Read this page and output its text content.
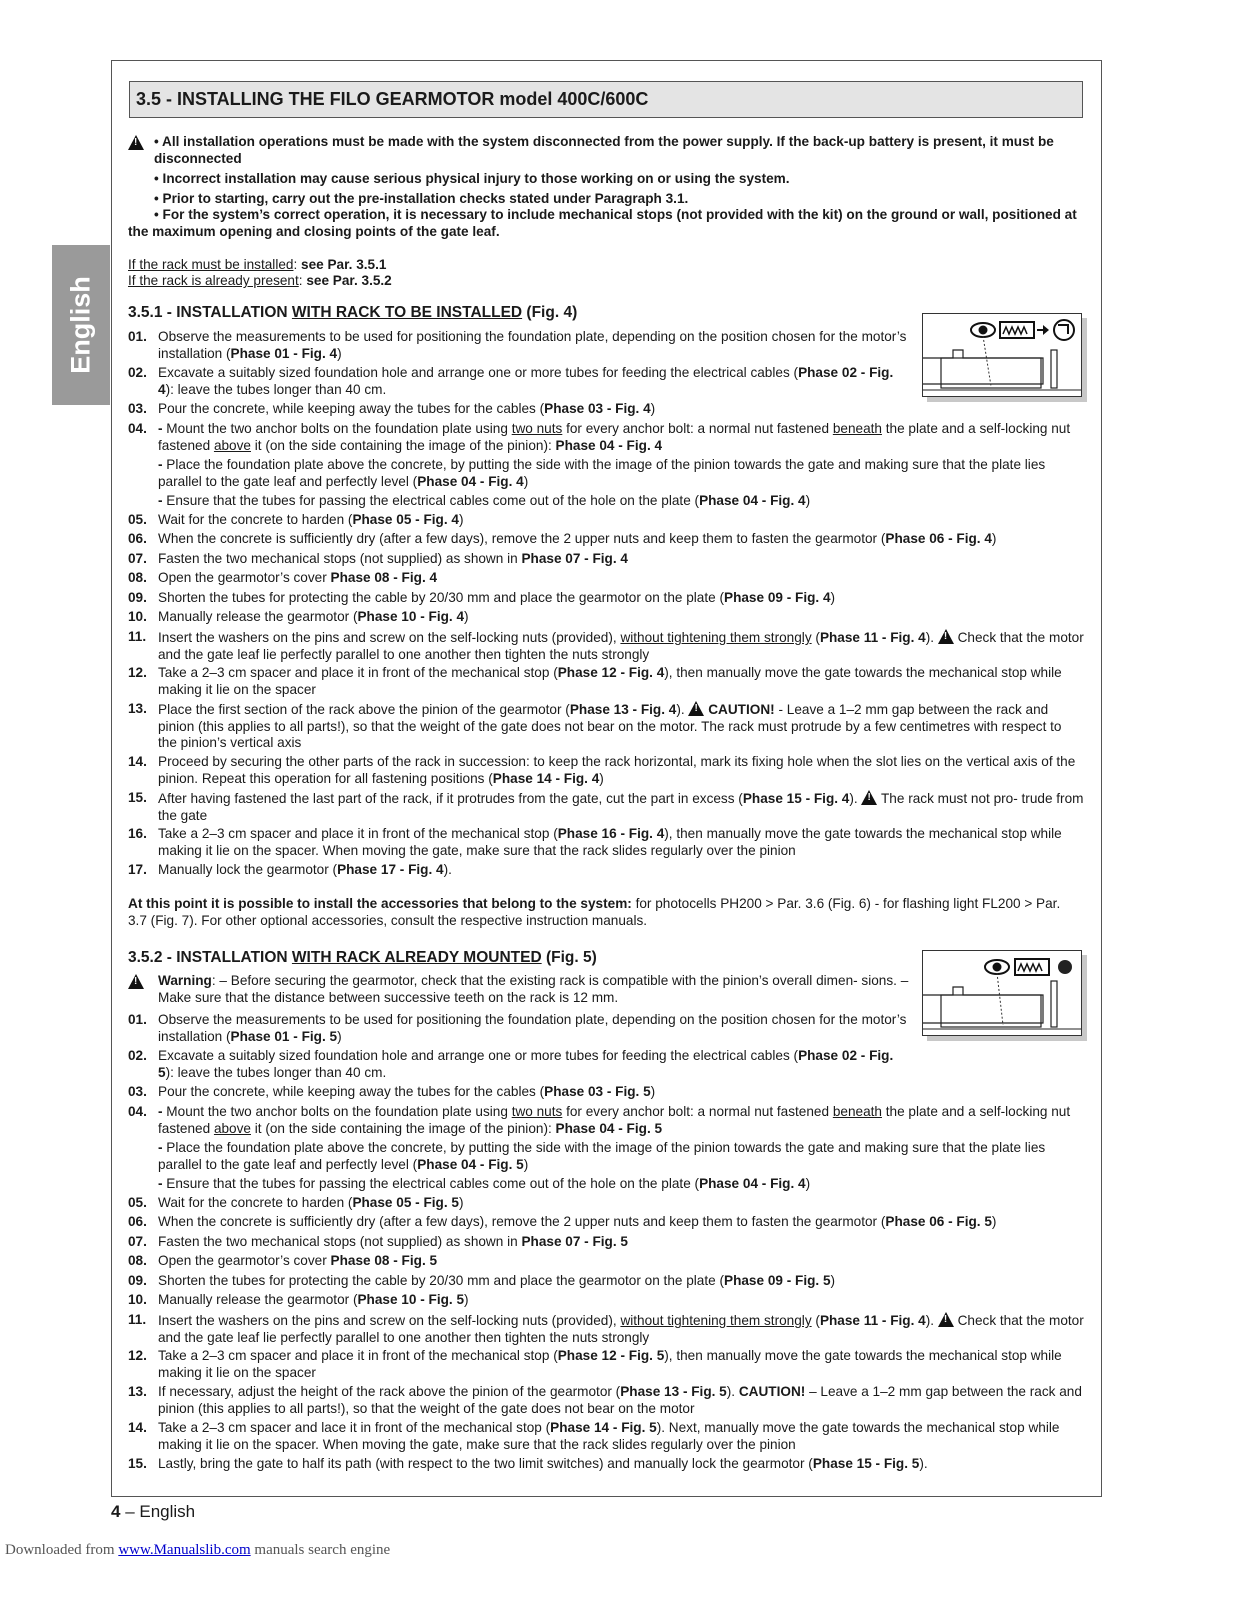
English
3.5 - INSTALLING THE FILO GEARMOTOR model 400C/600C
!
• All installation operations must be made with the system disconnected from the power supply. If the back-up battery is present, it must be disconnected
• Incorrect installation may cause serious physical injury to those working on or using the system.
• Prior to starting, carry out the pre-installation checks stated under Paragraph 3.1.
• For the system’s correct operation, it is necessary to include mechanical stops (not provided with the kit) on the ground or wall, positioned at the maximum opening and closing points of the gate leaf.
If the rack must be installed: see Par. 3.5.1
If the rack is already present: see Par. 3.5.2
3.5.1 - INSTALLATION WITH RACK TO BE INSTALLED (Fig. 4)
01. Observe the measurements to be used for positioning the foundation plate, depending on the position chosen for the motor’s installation (Phase 01 - Fig. 4)
02. Excavate a suitably sized foundation hole and arrange one or more tubes for feeding the electrical cables (Phase 02 - Fig. 4): leave the tubes longer than 40 cm.
03. Pour the concrete, while keeping away the tubes for the cables (Phase 03 - Fig. 4)
04. - Mount the two anchor bolts on the foundation plate using two nuts for every anchor bolt: a normal nut fastened beneath the plate and a self-locking nut fastened above it (on the side containing the image of the pinion): Phase 04 - Fig. 4
- Place the foundation plate above the concrete, by putting the side with the image of the pinion towards the gate and making sure that the plate lies parallel to the gate leaf and perfectly level (Phase 04 - Fig. 4)
- Ensure that the tubes for passing the electrical cables come out of the hole on the plate (Phase 04 - Fig. 4)
05. Wait for the concrete to harden (Phase 05 - Fig. 4)
06. When the concrete is sufficiently dry (after a few days), remove the 2 upper nuts and keep them to fasten the gearmotor (Phase 06 - Fig. 4)
07. Fasten the two mechanical stops (not supplied) as shown in Phase 07 - Fig. 4
08. Open the gearmotor’s cover Phase 08 - Fig. 4
09. Shorten the tubes for protecting the cable by 20/30 mm and place the gearmotor on the plate (Phase 09 - Fig. 4)
10. Manually release the gearmotor (Phase 10 - Fig. 4)
11. Insert the washers on the pins and screw on the self-locking nuts (provided), without tightening them strongly (Phase 11 - Fig. 4). ! Check that the motor and the gate leaf lie perfectly parallel to one another then tighten the nuts strongly
12. Take a 2–3 cm spacer and place it in front of the mechanical stop (Phase 12 - Fig. 4), then manually move the gate towards the mechanical stop while making it lie on the spacer
13. Place the first section of the rack above the pinion of the gearmotor (Phase 13 - Fig. 4). ! CAUTION! - Leave a 1–2 mm gap between the rack and pinion (this applies to all parts!), so that the weight of the gate does not bear on the motor. The rack must protrude by a few centimetres with respect to the pinion’s vertical axis
14. Proceed by securing the other parts of the rack in succession: to keep the rack horizontal, mark its fixing hole when the slot lies on the vertical axis of the pinion. Repeat this operation for all fastening positions (Phase 14 - Fig. 4)
15. After having fastened the last part of the rack, if it protrudes from the gate, cut the part in excess (Phase 15 - Fig. 4). ! The rack must not pro- trude from the gate
16. Take a 2–3 cm spacer and place it in front of the mechanical stop (Phase 16 - Fig. 4), then manually move the gate towards the mechanical stop while making it lie on the spacer. When moving the gate, make sure that the rack slides regularly over the pinion
17. Manually lock the gearmotor (Phase 17 - Fig. 4).
At this point it is possible to install the accessories that belong to the system: for photocells PH200 > Par. 3.6 (Fig. 6) - for flashing light FL200 > Par. 3.7 (Fig. 7). For other optional accessories, consult the respective instruction manuals.
3.5.2 - INSTALLATION WITH RACK ALREADY MOUNTED (Fig. 5)
!
Warning: – Before securing the gearmotor, check that the existing rack is compatible with the pinion’s overall dimen- sions. – Make sure that the distance between successive teeth on the rack is 12 mm.
01. Observe the measurements to be used for positioning the foundation plate, depending on the position chosen for the motor’s installation (Phase 01 - Fig. 5)
02. Excavate a suitably sized foundation hole and arrange one or more tubes for feeding the electrical cables (Phase 02 - Fig. 5): leave the tubes longer than 40 cm.
03. Pour the concrete, while keeping away the tubes for the cables (Phase 03 - Fig. 5)
04. - Mount the two anchor bolts on the foundation plate using two nuts for every anchor bolt: a normal nut fastened beneath the plate and a self-locking nut fastened above it (on the side containing the image of the pinion): Phase 04 - Fig. 5
- Place the foundation plate above the concrete, by putting the side with the image of the pinion towards the gate and making sure that the plate lies parallel to the gate leaf and perfectly level (Phase 04 - Fig. 5)
- Ensure that the tubes for passing the electrical cables come out of the hole on the plate (Phase 04 - Fig. 4)
05. Wait for the concrete to harden (Phase 05 - Fig. 5)
06. When the concrete is sufficiently dry (after a few days), remove the 2 upper nuts and keep them to fasten the gearmotor (Phase 06 - Fig. 5)
07. Fasten the two mechanical stops (not supplied) as shown in Phase 07 - Fig. 5
08. Open the gearmotor’s cover Phase 08 - Fig. 5
09. Shorten the tubes for protecting the cable by 20/30 mm and place the gearmotor on the plate (Phase 09 - Fig. 5)
10. Manually release the gearmotor (Phase 10 - Fig. 5)
11. Insert the washers on the pins and screw on the self-locking nuts (provided), without tightening them strongly (Phase 11 - Fig. 4). ! Check that the motor and the gate leaf lie perfectly parallel to one another then tighten the nuts strongly
12. Take a 2–3 cm spacer and place it in front of the mechanical stop (Phase 12 - Fig. 5), then manually move the gate towards the mechanical stop while making it lie on the spacer
13. If necessary, adjust the height of the rack above the pinion of the gearmotor (Phase 13 - Fig. 5). CAUTION! – Leave a 1–2 mm gap between the rack and pinion (this applies to all parts!), so that the weight of the gate does not bear on the motor
14. Take a 2–3 cm spacer and lace it in front of the mechanical stop (Phase 14 - Fig. 5). Next, manually move the gate towards the mechanical stop while making it lie on the spacer. When moving the gate, make sure that the rack slides regularly over the pinion
15. Lastly, bring the gate to half its path (with respect to the two limit switches) and manually lock the gearmotor (Phase 15 - Fig. 5).
4 – English
Downloaded from www.Manualslib.com manuals search engine
